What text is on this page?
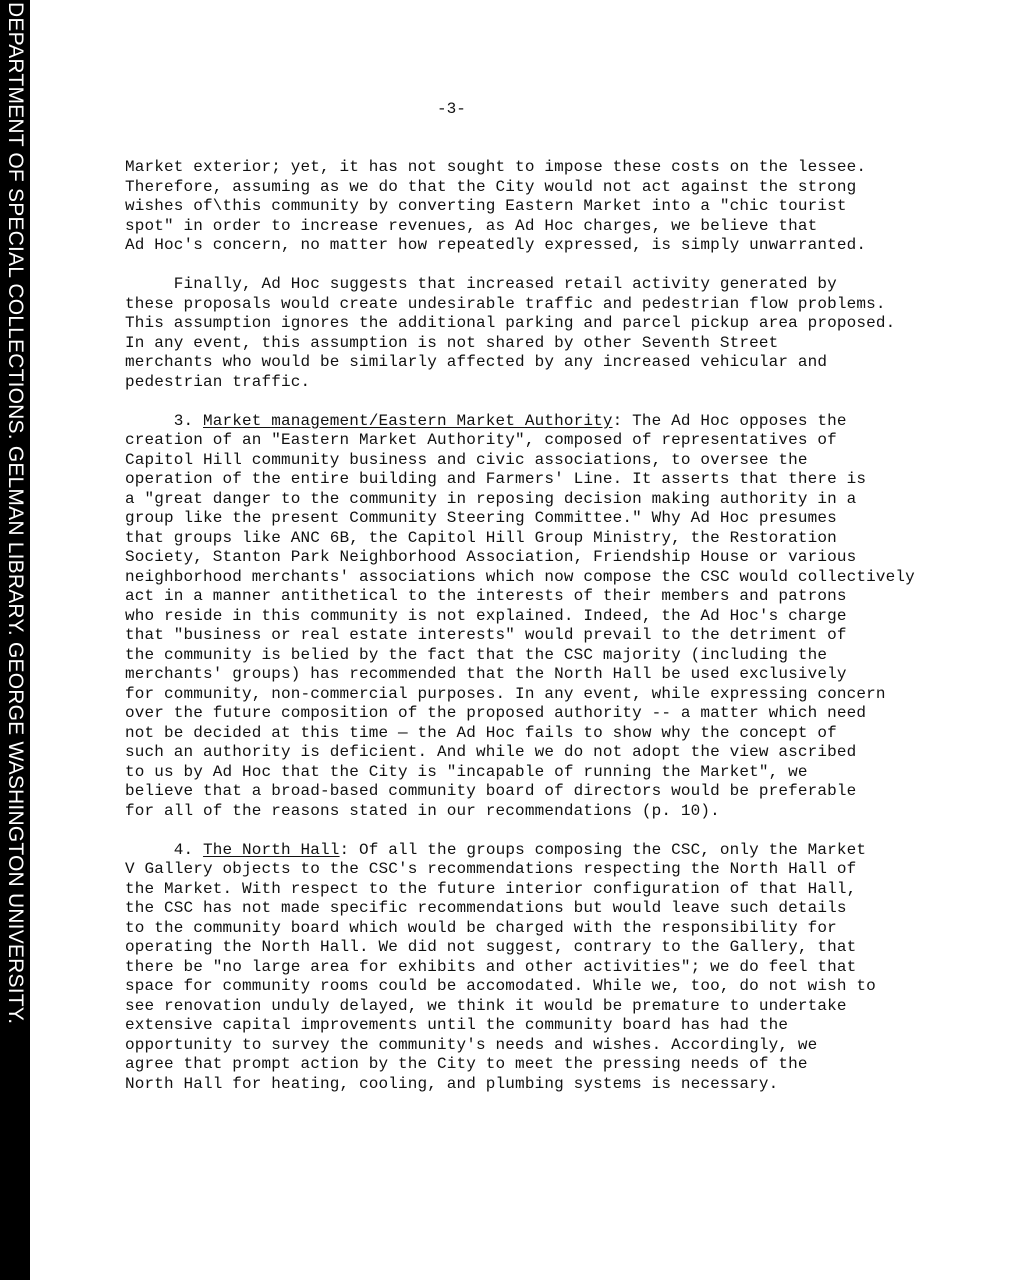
DEPARTMENT OF SPECIAL COLLECTIONS. GELMAN LIBRARY. GEORGE WASHINGTON UNIVERSITY.	-3-
Market exterior; yet, it has not sought to impose these costs on the lessee.
Therefore, assuming as we do that the City would not act against the strong
wishes of\this community by converting Eastern Market into a "chic tourist
spot" in order to increase revenues, as Ad Hoc charges, we believe that
Ad Hoc's concern, no matter how repeatedly expressed, is simply unwarranted.
Finally, Ad Hoc suggests that increased retail activity generated by
these proposals would create undesirable traffic and pedestrian flow problems.
This assumption ignores the additional parking and parcel pickup area proposed.
In any event, this assumption is not shared by other Seventh Street
merchants who would be similarly affected by any increased vehicular and
pedestrian traffic.
3. Market management/Eastern Market Authority: The Ad Hoc opposes the
creation of an "Eastern Market Authority", composed of representatives of
Capitol Hill community business and civic associations, to oversee the
operation of the entire building and Farmers' Line. It asserts that there is
a "great danger to the community in reposing decision making authority in a
group like the present Community Steering Committee." Why Ad Hoc presumes
that groups like ANC 6B, the Capitol Hill Group Ministry, the Restoration
Society, Stanton Park Neighborhood Association, Friendship House or various
neighborhood merchants' associations which now compose the CSC would collectively
act in a manner antithetical to the interests of their members and patrons
who reside in this community is not explained. Indeed, the Ad Hoc's charge
that "business or real estate interests" would prevail to the detriment of
the community is belied by the fact that the CSC majority (including the
merchants' groups) has recommended that the North Hall be used exclusively
for community, non-commercial purposes. In any event, while expressing concern
over the future composition of the proposed authority -- a matter which need
not be decided at this time — the Ad Hoc fails to show why the concept of
such an authority is deficient. And while we do not adopt the view ascribed
to us by Ad Hoc that the City is "incapable of running the Market", we
believe that a broad-based community board of directors would be preferable
for all of the reasons stated in our recommendations (p. 10).
4. The North Hall: Of all the groups composing the CSC, only the Market
V Gallery objects to the CSC's recommendations respecting the North Hall of
the Market. With respect to the future interior configuration of that Hall,
the CSC has not made specific recommendations but would leave such details
to the community board which would be charged with the responsibility for
operating the North Hall. We did not suggest, contrary to the Gallery, that
there be "no large area for exhibits and other activities"; we do feel that
space for community rooms could be accomodated. While we, too, do not wish to
see renovation unduly delayed, we think it would be premature to undertake
extensive capital improvements until the community board has had the
opportunity to survey the community's needs and wishes. Accordingly, we
agree that prompt action by the City to meet the pressing needs of the
North Hall for heating, cooling, and plumbing systems is necessary.
